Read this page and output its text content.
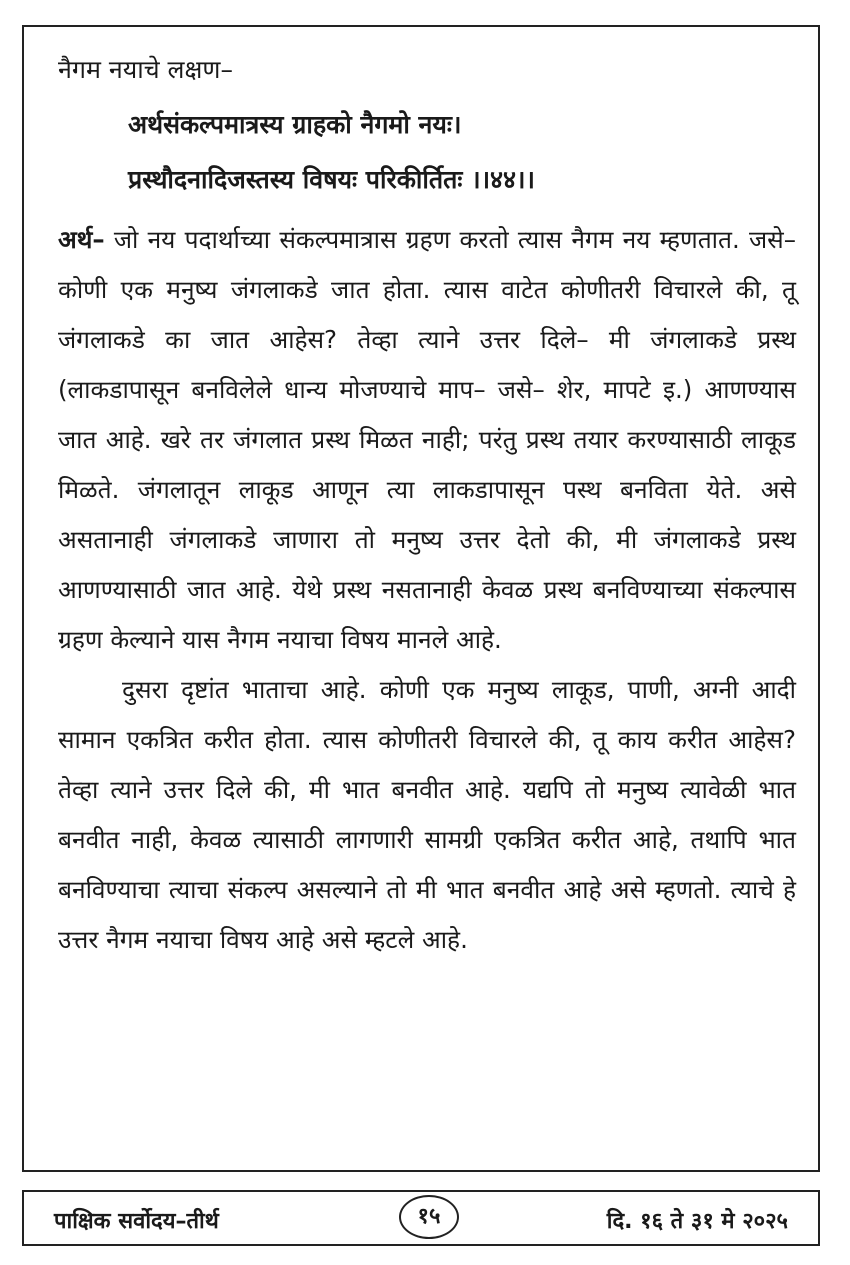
नैगम नयाचे लक्षण–
अर्थसंकल्पमात्रस्य ग्राहको नैगमो नयः।
प्रस्थौदनादिजस्तस्य विषयः परिकीर्तितः ।।४४।।

अर्थ– जो नय पदार्थाच्या संकल्पमात्रास ग्रहण करतो त्यास नैगम नय म्हणतात. जसे– कोणी एक मनुष्य जंगलाकडे जात होता. त्यास वाटेत कोणीतरी विचारले की, तू जंगलाकडे का जात आहेस? तेव्हा त्याने उत्तर दिले– मी जंगलाकडे प्रस्थ (लाकडापासून बनविलेले धान्य मोजण्याचे माप– जसे– शेर, मापटे इ.) आणण्यास जात आहे. खरे तर जंगलात प्रस्थ मिळत नाही; परंतु प्रस्थ तयार करण्यासाठी लाकूड मिळते. जंगलातून लाकूड आणून त्या लाकडापासून पस्थ बनविता येते. असे असतानाही जंगलाकडे जाणारा तो मनुष्य उत्तर देतो की, मी जंगलाकडे प्रस्थ आणण्यासाठी जात आहे. येथे प्रस्थ नसतानाही केवळ प्रस्थ बनविण्याच्या संकल्पास ग्रहण केल्याने यास नैगम नयाचा विषय मानले आहे.

दुसरा दृष्टांत भाताचा आहे. कोणी एक मनुष्य लाकूड, पाणी, अग्नी आदी सामान एकत्रित करीत होता. त्यास कोणीतरी विचारले की, तू काय करीत आहेस? तेव्हा त्याने उत्तर दिले की, मी भात बनवीत आहे. यद्यपि तो मनुष्य त्यावेळी भात बनवीत नाही, केवळ त्यासाठी लागणारी सामग्री एकत्रित करीत आहे, तथापि भात बनविण्याचा त्याचा संकल्प असल्याने तो मी भात बनवीत आहे असे म्हणतो. त्याचे हे उत्तर नैगम नयाचा विषय आहे असे म्हटले आहे.

पाक्षिक सर्वोदय–तीर्थ	१५	दि. १६ ते ३१ मे २०२५
